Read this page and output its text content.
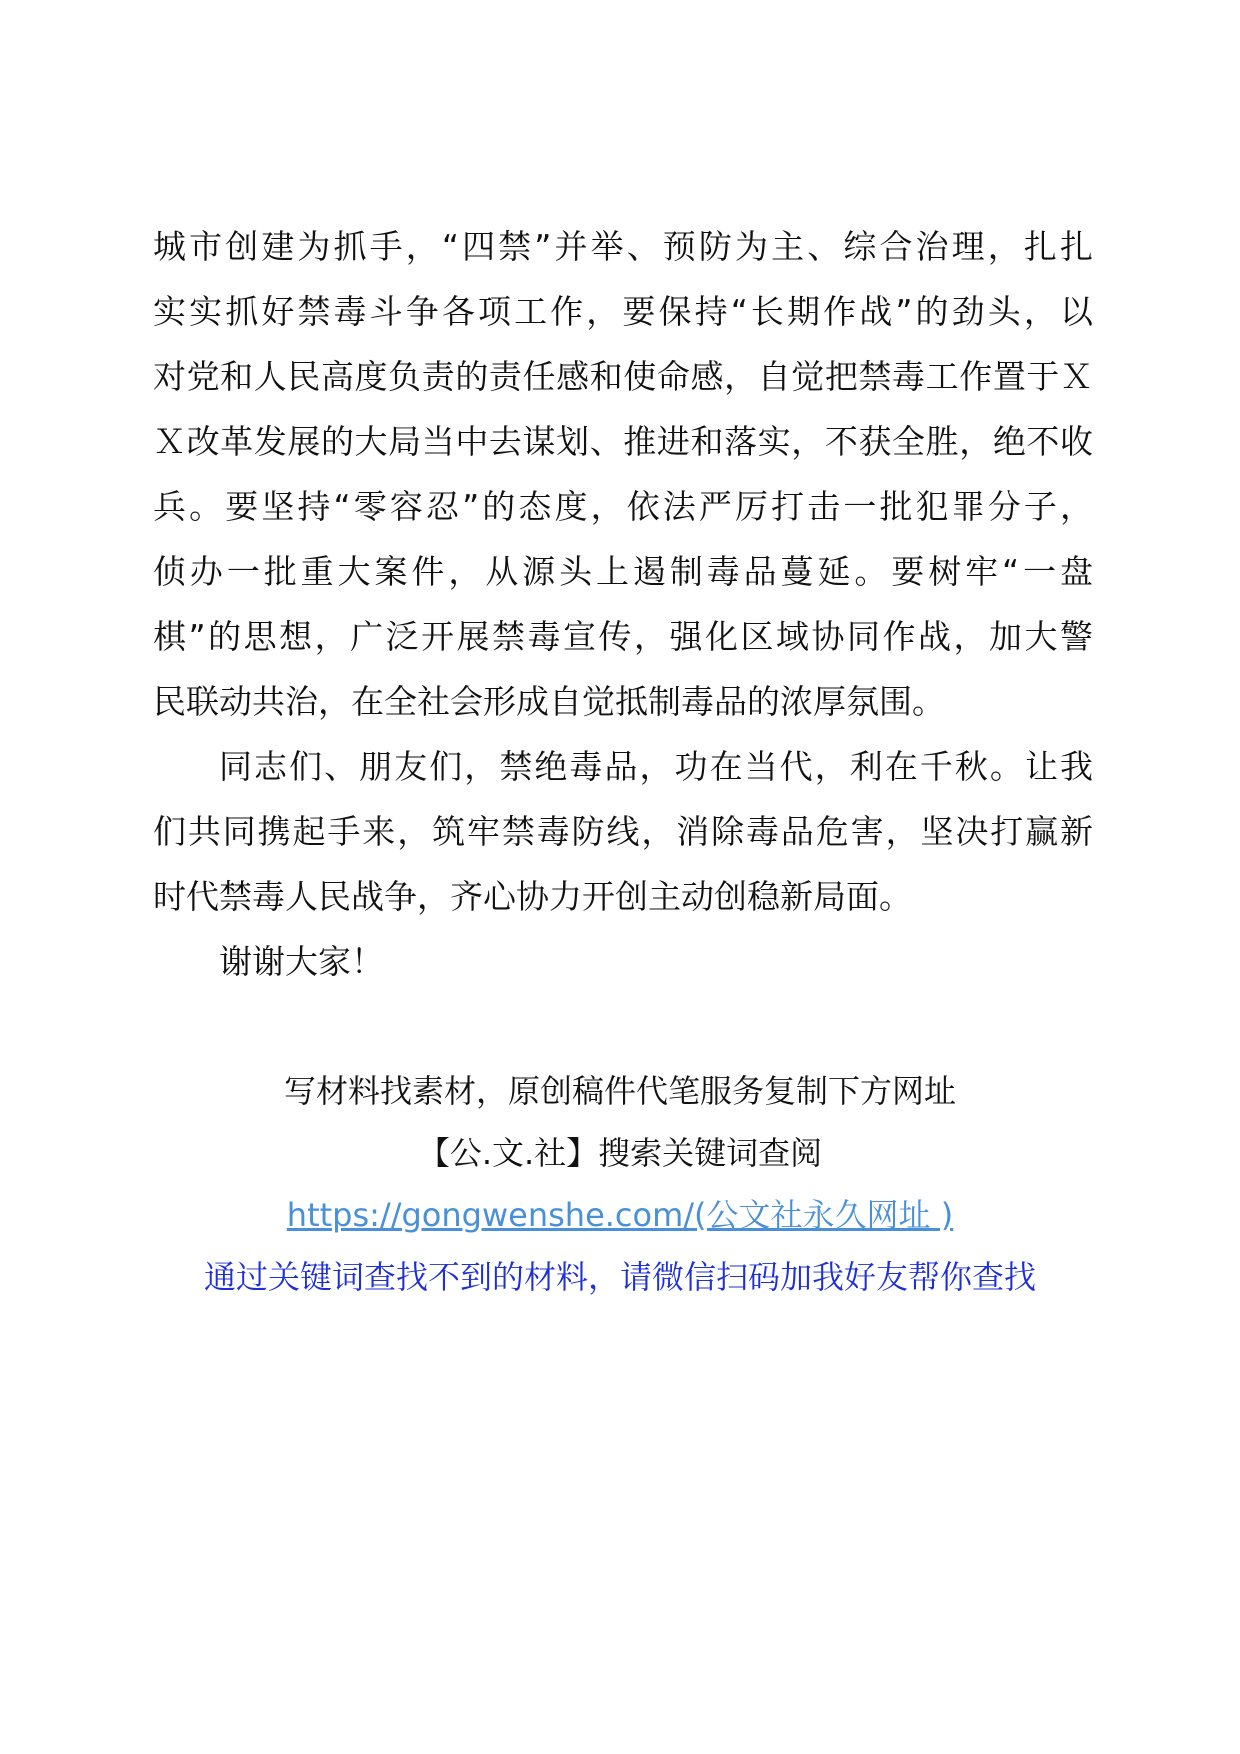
城市创建为抓手，“四禁”并举、预防为主、综合治理，扎扎
实实抓好禁毒斗争各项工作，要保持“长期作战”的劲头，以
对党和人民高度负责的责任感和使命感，自觉把禁毒工作置于Ｘ
Ｘ改革发展的大局当中去谋划、推进和落实，不获全胜，绝不收
兵。要坚持“零容忍”的态度，依法严厉打击一批犯罪分子，
侦办一批重大案件，从源头上遏制毒品蔓延。要树牢“一盘
棋”的思想，广泛开展禁毒宣传，强化区域协同作战，加大警
民联动共治，在全社会形成自觉抵制毒品的浓厚氛围。
同志们、朋友们，禁绝毒品，功在当代，利在千秋。让我
们共同携起手来，筑牢禁毒防线，消除毒品危害，坚决打赢新
时代禁毒人民战争，齐心协力开创主动创稳新局面。
谢谢大家！
写材料找素材，原创稿件代笔服务复制下方网址
【公.文.社】搜索关键词查阅
https://gongwenshe.com/(公文社永久网址 )
通过关键词查找不到的材料，请微信扫码加我好友帮你查找
